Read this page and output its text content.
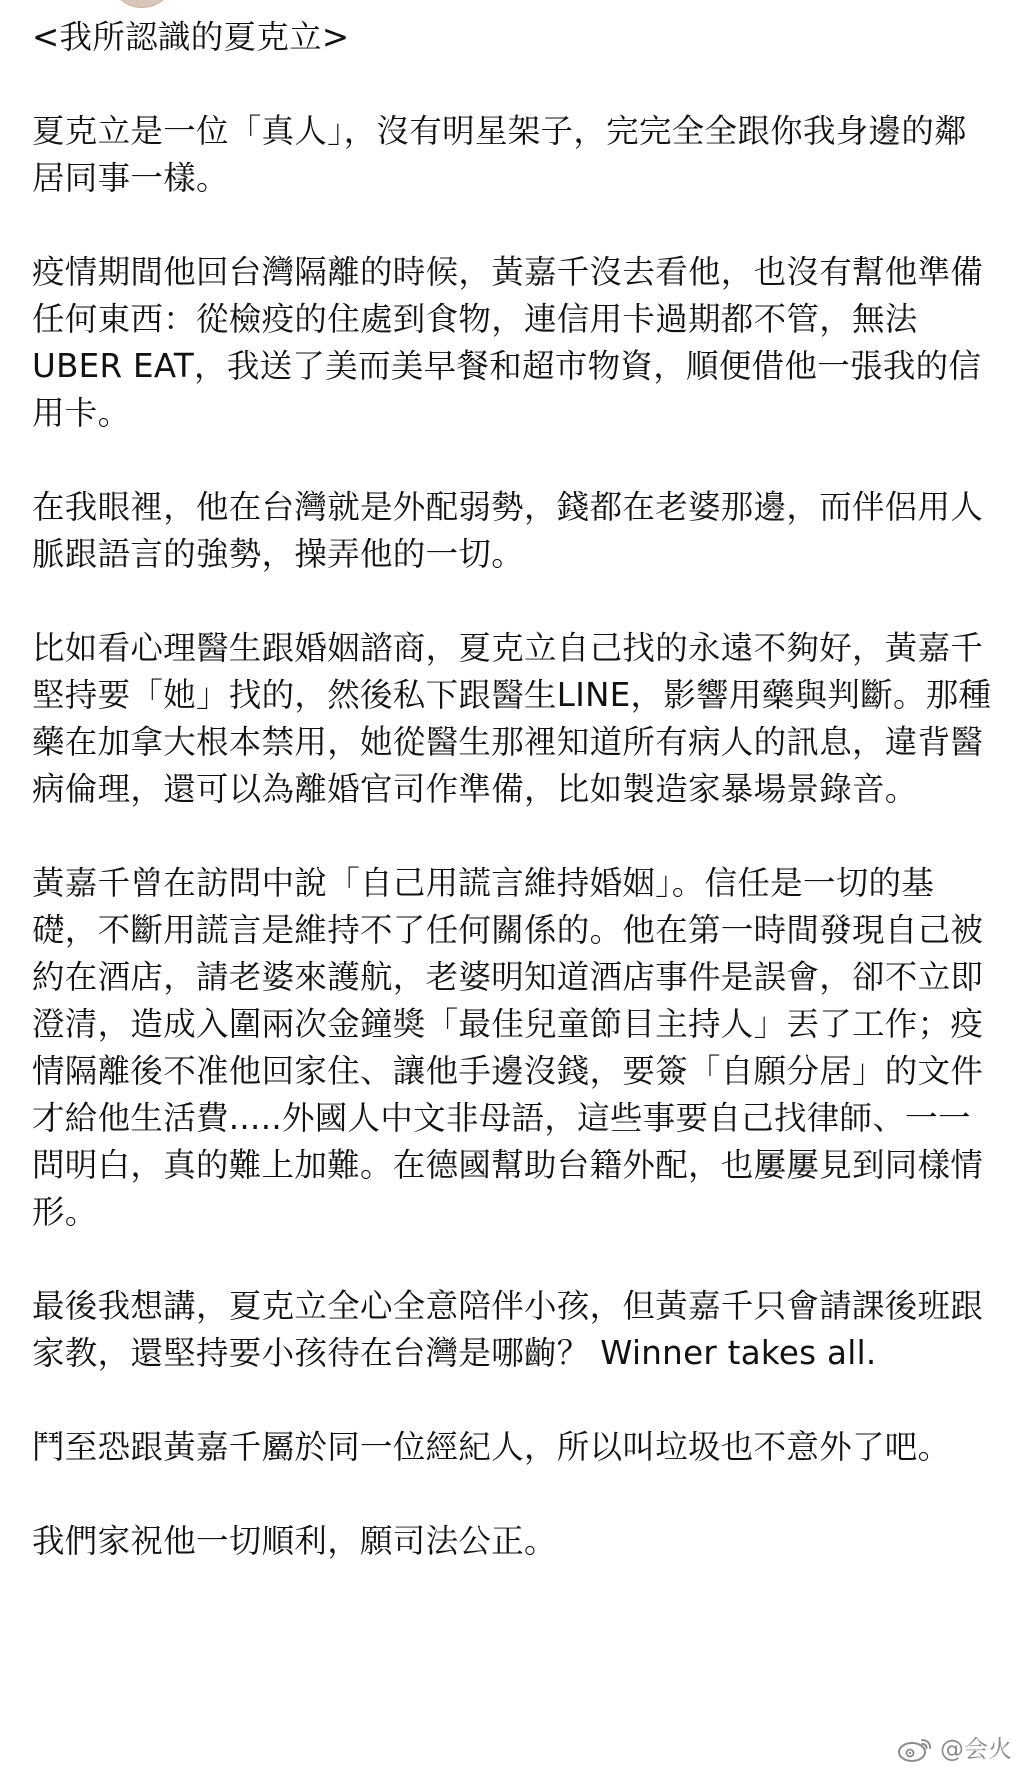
<我所認識的夏克立>

夏克立是一位「真人」，沒有明星架子，完完全全跟你我身邊的鄰居同事一樣。

疫情期間他回台灣隔離的時候，黃嘉千沒去看他，也沒有幫他準備任何東西：從檢疫的住處到食物，連信用卡過期都不管，無法 UBER EAT，我送了美而美早餐和超市物資，順便借他一張我的信用卡。

在我眼裡，他在台灣就是外配弱勢，錢都在老婆那邊，而伴侶用人脈跟語言的強勢，操弄他的一切。

比如看心理醫生跟婚姻諮商，夏克立自己找的永遠不夠好，黃嘉千堅持要「她」找的，然後私下跟醫生LINE，影響用藥與判斷。那種藥在加拿大根本禁用，她從醫生那裡知道所有病人的訊息，違背醫病倫理，還可以為離婚官司作準備，比如製造家暴場景錄音。

黃嘉千曾在訪問中說「自己用謊言維持婚姻」。信任是一切的基礎，不斷用謊言是維持不了任何關係的。他在第一時間發現自己被約在酒店，請老婆來護航，老婆明知道酒店事件是誤會，卻不立即澄清，造成入圍兩次金鐘獎「最佳兒童節目主持人」丟了工作；疫情隔離後不准他回家住、讓他手邊沒錢，要簽「自願分居」的文件才給他生活費.....外國人中文非母語，這些事要自己找律師、一一問明白，真的難上加難。在德國幫助台籍外配，也屢屢見到同樣情形。

最後我想講，夏克立全心全意陪伴小孩，但黃嘉千只會請課後班跟家教，還堅持要小孩待在台灣是哪齣？ Winner takes all.

鬥至恐跟黃嘉千屬於同一位經紀人，所以叫垃圾也不意外了吧。

我們家祝他一切順利，願司法公正。

@会火
